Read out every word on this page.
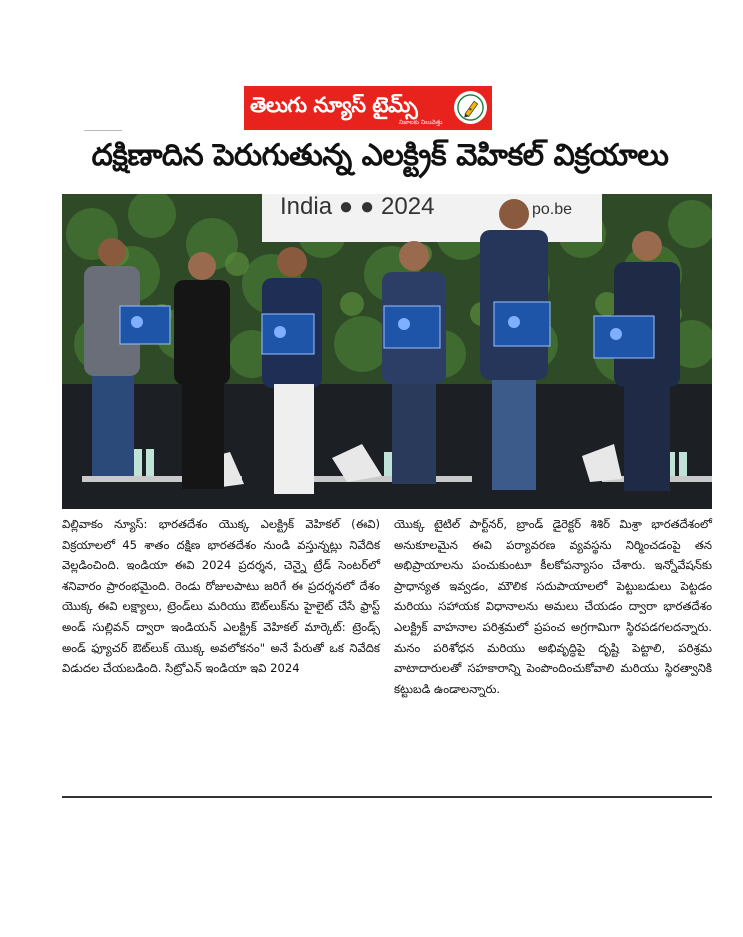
తెలుగు న్యూస్ టైమ్స్
నిజాలకు నిలువెత్తు
దక్షిణాదిన పెరుగుతున్న ఎలక్ట్రిక్ వెహికల్ విక్రయాలు
India ● ● 2024	po.be

విల్లివాకం న్యూస్: భారతదేశం యొక్క ఎలక్ట్రిక్ వెహికల్ (ఈవి) విక్రయాలలో 45 శాతం దక్షిణ భారతదేశం నుండి వస్తున్నట్లు నివేదిక వెల్లడించింది. ఇండియా ఈవి 2024 ప్రదర్శన, చెన్నై ట్రేడ్ సెంటర్‌లో శనివారం ప్రారంభమైంది. రెండు రోజులపాటు జరిగే ఈ ప్రదర్శనలో దేశం యొక్క ఈవి లక్ష్యాలు, ట్రెండ్‌లు మరియు ఔట్‌లుక్‌ను హైలైట్ చేసే ఫ్రాస్ట్ అండ్ సుల్లివన్ ద్వారా ఇండియన్ ఎలక్ట్రిక్ వెహికల్ మార్కెట్: ట్రెండ్స్ అండ్ ఫ్యూచర్ ఔట్‌లుక్ యొక్క అవలోకనం" అనే పేరుతో ఒక నివేదిక విడుదల చేయబడింది. సిట్రోఎన్ ఇండియా ఇవి 2024

యొక్క టైటిల్ పార్ట్‌నర్, బ్రాండ్ డైరెక్టర్ శిశిర్ మిశ్రా భారతదేశంలో అనుకూలమైన ఈవి పర్యావరణ వ్యవస్థను నిర్మించడంపై తన అభిప్రాయాలను పంచుకుంటూ కీలకోపన్యాసం చేశారు. ఇన్నోవేషన్‌కు ప్రాధాన్యత ఇవ్వడం, మౌలిక సదుపాయాలలో పెట్టుబడులు పెట్టడం మరియు సహాయక విధానాలను అమలు చేయడం ద్వారా భారతదేశం ఎలక్ట్రిక్ వాహనాల పరిశ్రమలో ప్రపంచ అగ్రగామిగా స్థిరపడగలదన్నారు. మనం పరిశోధన మరియు అభివృద్ధిపై దృష్టి పెట్టాలి, పరిశ్రమ వాటాదారులతో సహకారాన్ని పెంపొందించుకోవాలి మరియు స్థిరత్వానికి కట్టుబడి ఉండాలన్నారు.
